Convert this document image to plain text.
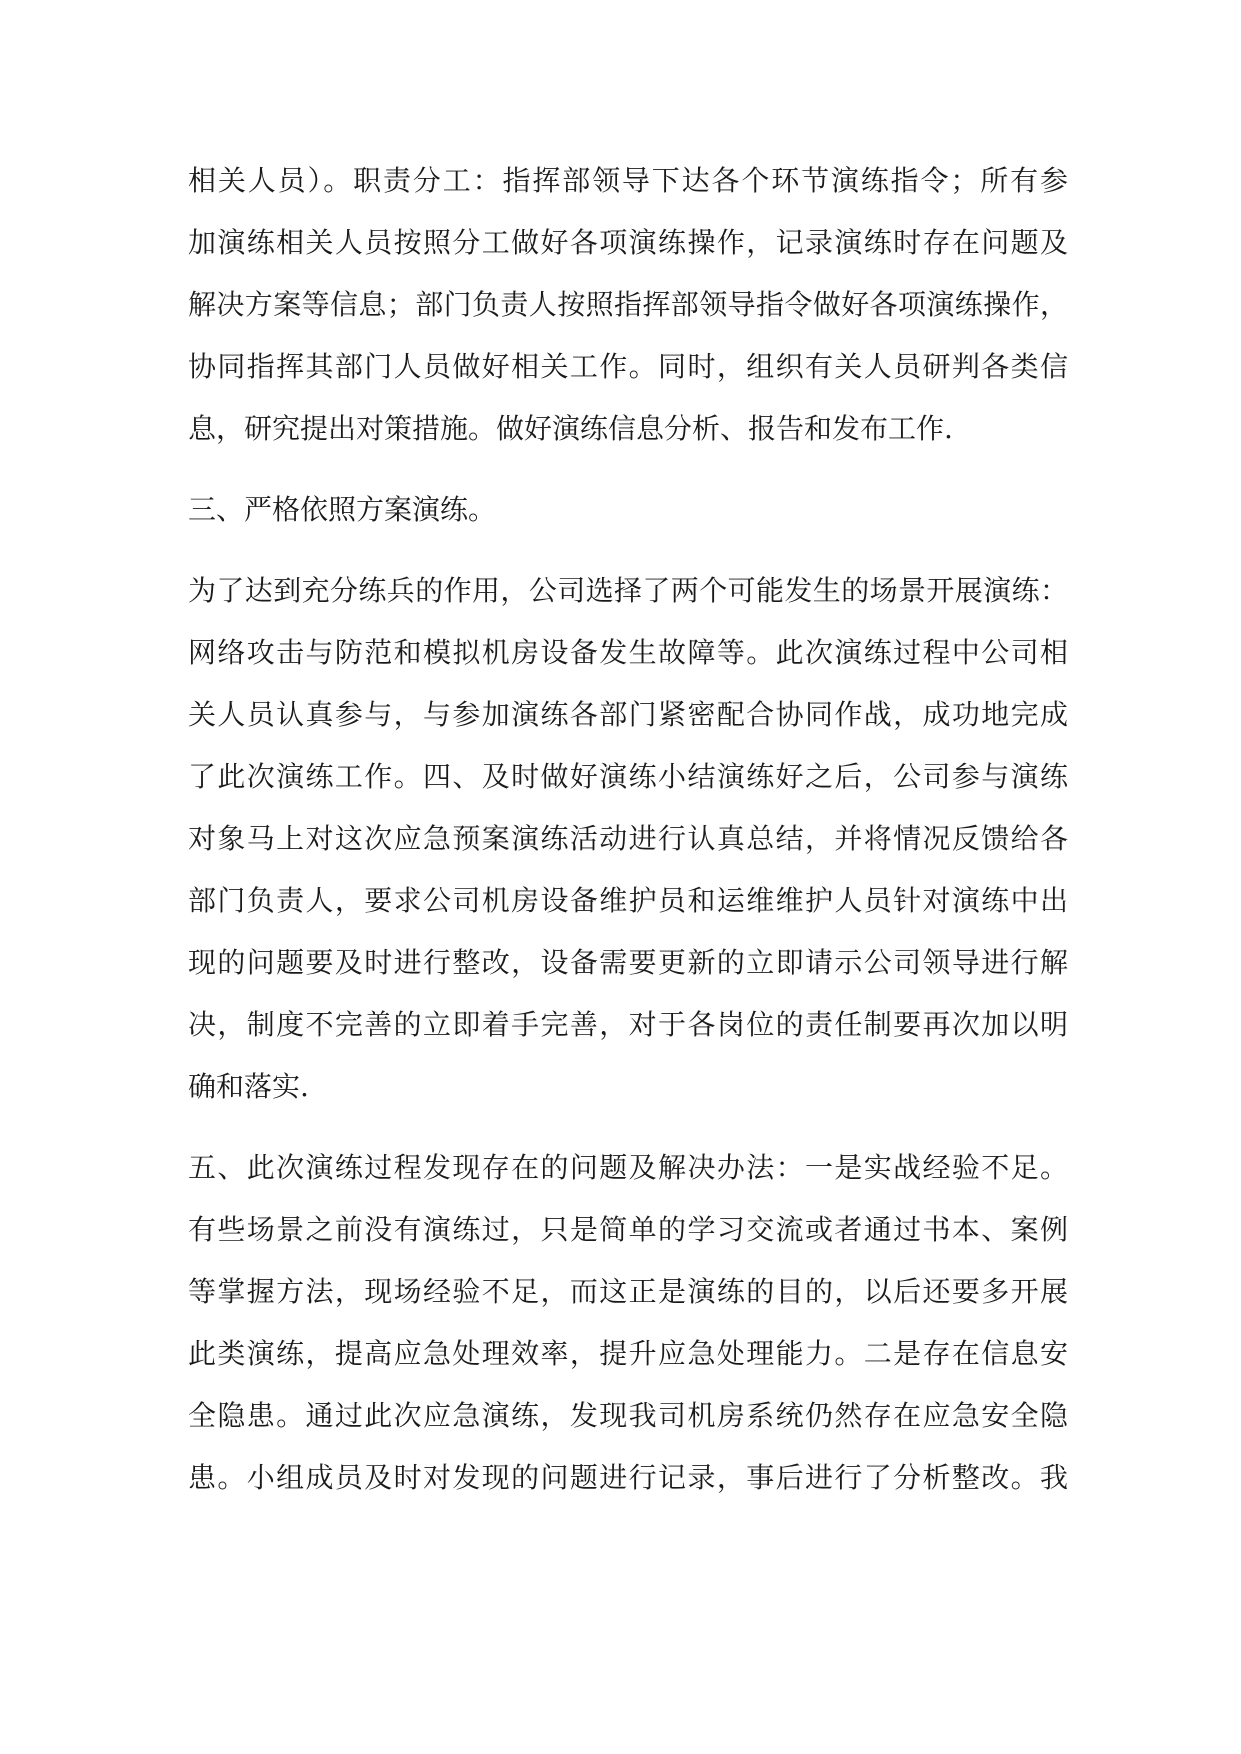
相关人员）。职责分工：指挥部领导下达各个环节演练指令；所有参
加演练相关人员按照分工做好各项演练操作，记录演练时存在问题及
解决方案等信息；部门负责人按照指挥部领导指令做好各项演练操作，
协同指挥其部门人员做好相关工作。同时，组织有关人员研判各类信
息，研究提出对策措施。做好演练信息分析、报告和发布工作.
三、严格依照方案演练。
为了达到充分练兵的作用，公司选择了两个可能发生的场景开展演练：
网络攻击与防范和模拟机房设备发生故障等。此次演练过程中公司相
关人员认真参与，与参加演练各部门紧密配合协同作战，成功地完成
了此次演练工作。四、及时做好演练小结演练好之后，公司参与演练
对象马上对这次应急预案演练活动进行认真总结，并将情况反馈给各
部门负责人，要求公司机房设备维护员和运维维护人员针对演练中出
现的问题要及时进行整改，设备需要更新的立即请示公司领导进行解
决，制度不完善的立即着手完善，对于各岗位的责任制要再次加以明
确和落实.
五、此次演练过程发现存在的问题及解决办法：一是实战经验不足。
有些场景之前没有演练过，只是简单的学习交流或者通过书本、案例
等掌握方法，现场经验不足，而这正是演练的目的，以后还要多开展
此类演练，提高应急处理效率，提升应急处理能力。二是存在信息安
全隐患。通过此次应急演练，发现我司机房系统仍然存在应急安全隐
患。小组成员及时对发现的问题进行记录，事后进行了分析整改。我
